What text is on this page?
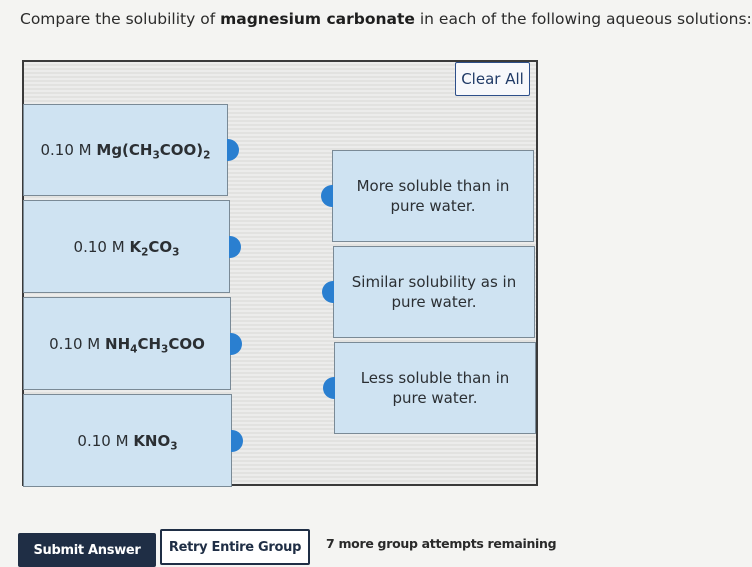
Compare the solubility of magnesium carbonate in each of the following aqueous solutions:
Clear All
0.10 M $Mg(CH_3COO)_2$
0.10 M $K_2CO_3$
0.10 M $NH_4CH_3COO$
0.10 M $KNO_3$
More soluble than in pure water.
Similar solubility as in pure water.
Less soluble than in pure water.
Submit Answer	Retry Entire Group	7 more group attempts remaining
